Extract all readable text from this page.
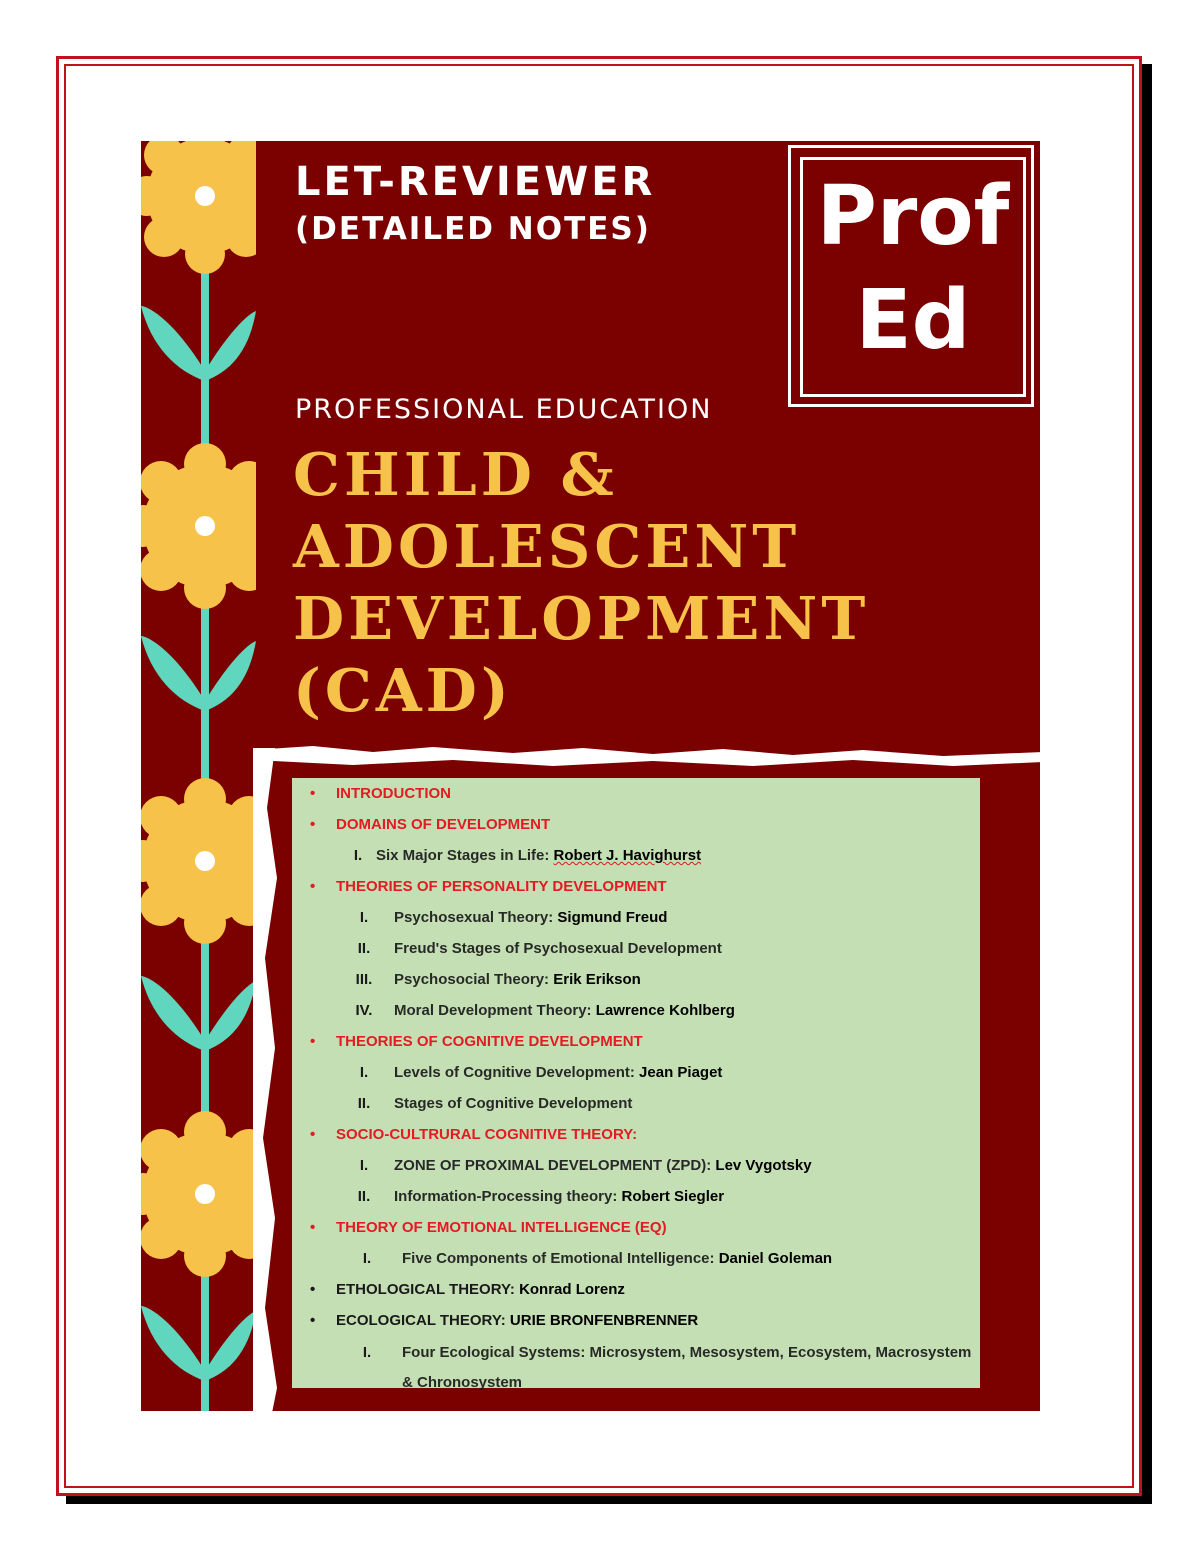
LET-REVIEWER
(DETAILED NOTES) Prof
Ed
PROFESSIONAL EDUCATION
CHILD &
ADOLESCENT
DEVELOPMENT
(CAD)
• INTRODUCTION
• DOMAINS OF DEVELOPMENT
I. Six Major Stages in Life: Robert J. Havighurst
• THEORIES OF PERSONALITY DEVELOPMENT
I.	Psychosexual Theory: Sigmund Freud
II.	Freud's Stages of Psychosexual Development
III.	Psychosocial Theory: Erik Erikson
IV.	Moral Development Theory: Lawrence Kohlberg
• THEORIES OF COGNITIVE DEVELOPMENT
I.	Levels of Cognitive Development: Jean Piaget
II.	Stages of Cognitive Development
• SOCIO-CULTRURAL COGNITIVE THEORY:
I.	ZONE OF PROXIMAL DEVELOPMENT (ZPD): Lev Vygotsky
II.	Information-Processing theory: Robert Siegler
• THEORY OF EMOTIONAL INTELLIGENCE (EQ)
I.	Five Components of Emotional Intelligence: Daniel Goleman
• ETHOLOGICAL THEORY: Konrad Lorenz
• ECOLOGICAL THEORY: URIE BRONFENBRENNER
I.	Four Ecological Systems: Microsystem, Mesosystem, Ecosystem, Macrosystem & Chronosystem
